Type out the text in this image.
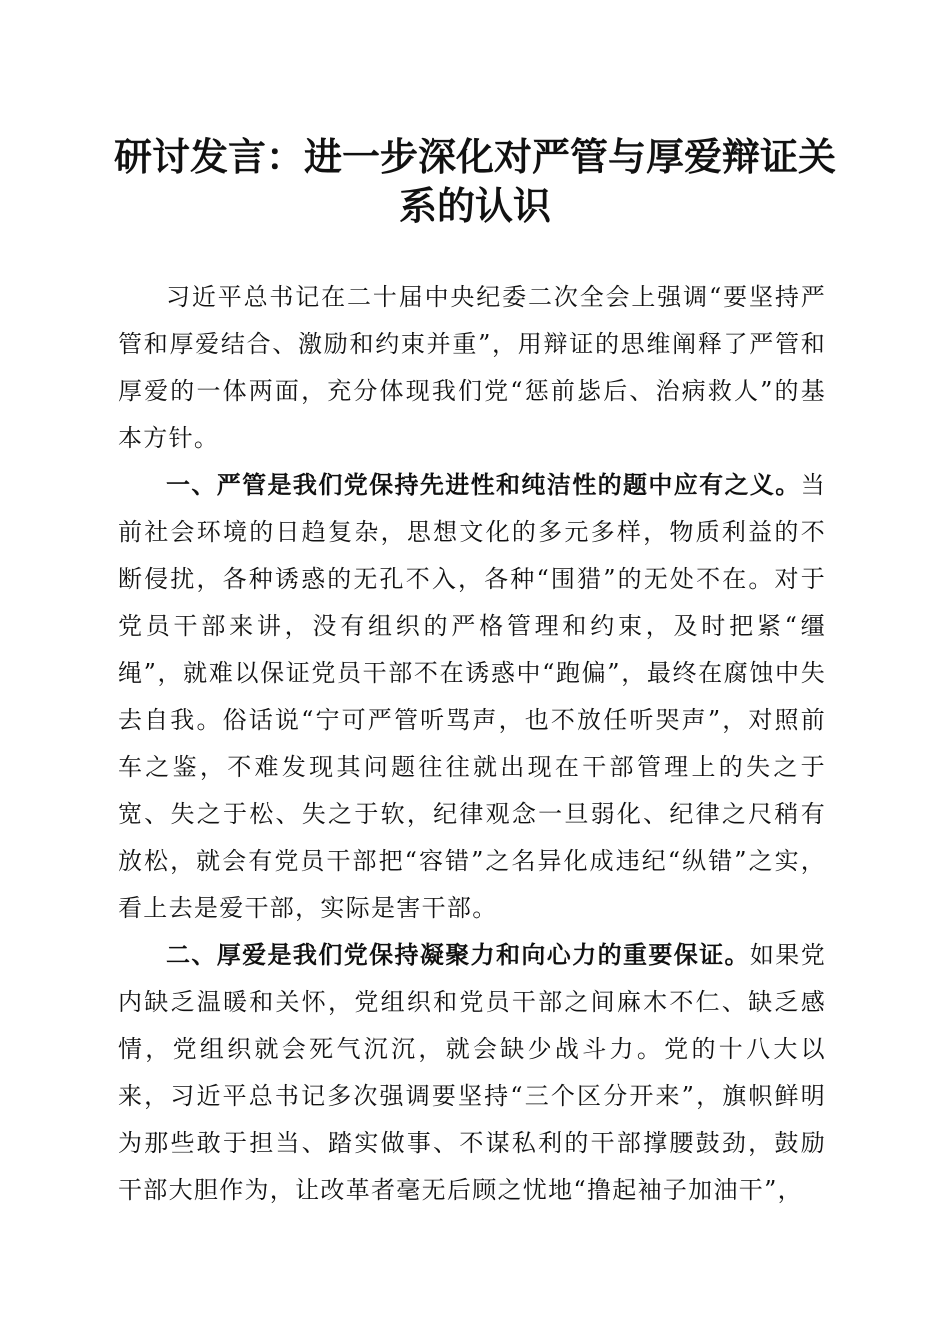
研讨发言：进一步深化对严管与厚爱辩证关系的认识

习近平总书记在二十届中央纪委二次全会上强调“要坚持严管和厚爱结合、激励和约束并重”，用辩证的思维阐释了严管和厚爱的一体两面，充分体现我们党“惩前毖后、治病救人”的基本方针。

一、严管是我们党保持先进性和纯洁性的题中应有之义。当前社会环境的日趋复杂，思想文化的多元多样，物质利益的不断侵扰，各种诱惑的无孔不入，各种“围猎”的无处不在。对于党员干部来讲，没有组织的严格管理和约束，及时把紧“缰绳”，就难以保证党员干部不在诱惑中“跑偏”，最终在腐蚀中失去自我。俗话说“宁可严管听骂声，也不放任听哭声”，对照前车之鉴，不难发现其问题往往就出现在干部管理上的失之于宽、失之于松、失之于软，纪律观念一旦弱化、纪律之尺稍有放松，就会有党员干部把“容错”之名异化成违纪“纵错”之实，看上去是爱干部，实际是害干部。

二、厚爱是我们党保持凝聚力和向心力的重要保证。如果党内缺乏温暖和关怀，党组织和党员干部之间麻木不仁、缺乏感情，党组织就会死气沉沉，就会缺少战斗力。党的十八大以来，习近平总书记多次强调要坚持“三个区分开来”，旗帜鲜明为那些敢于担当、踏实做事、不谋私利的干部撑腰鼓劲，鼓励干部大胆作为，让改革者毫无后顾之忧地“撸起袖子加油干”，
